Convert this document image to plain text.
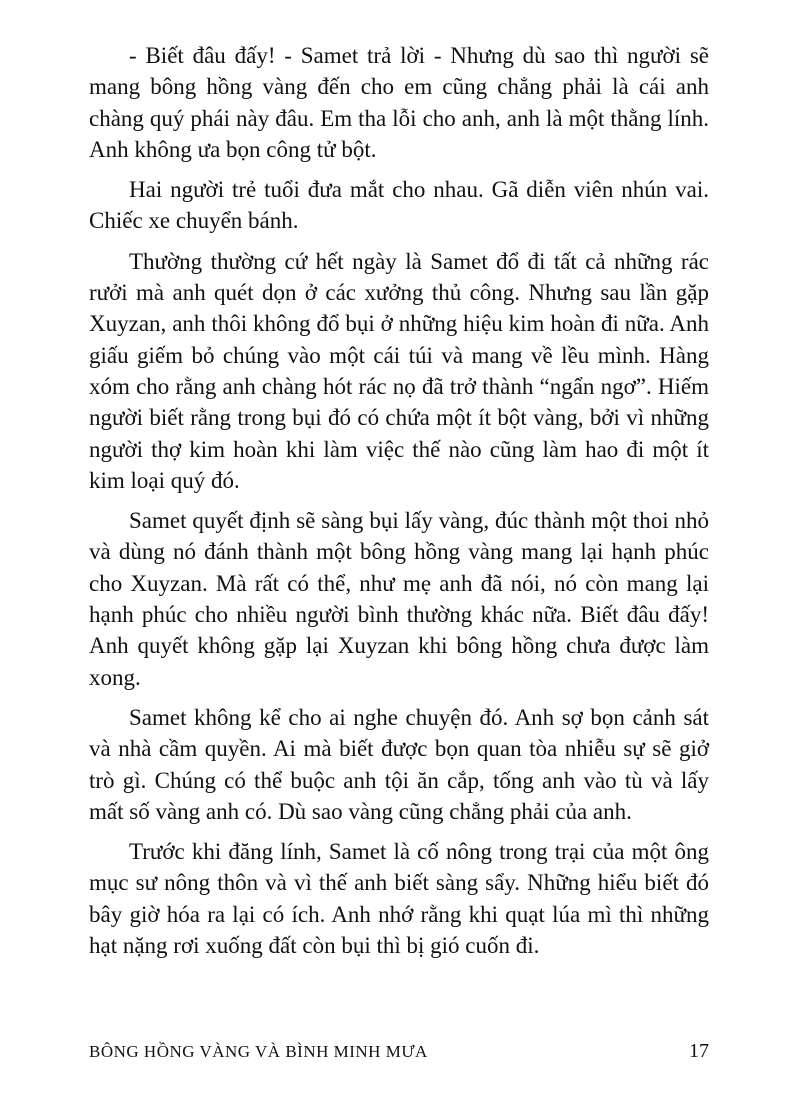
- Biết đâu đấy! - Samet trả lời - Nhưng dù sao thì người sẽ mang bông hồng vàng đến cho em cũng chẳng phải là cái anh chàng quý phái này đâu. Em tha lỗi cho anh, anh là một thằng lính. Anh không ưa bọn công tử bột.

Hai người trẻ tuổi đưa mắt cho nhau. Gã diễn viên nhún vai. Chiếc xe chuyển bánh.

Thường thường cứ hết ngày là Samet đổ đi tất cả những rác rưởi mà anh quét dọn ở các xưởng thủ công. Nhưng sau lần gặp Xuyzan, anh thôi không đổ bụi ở những hiệu kim hoàn đi nữa. Anh giấu giếm bỏ chúng vào một cái túi và mang về lều mình. Hàng xóm cho rằng anh chàng hót rác nọ đã trở thành “ngẩn ngơ”. Hiếm người biết rằng trong bụi đó có chứa một ít bột vàng, bởi vì những người thợ kim hoàn khi làm việc thế nào cũng làm hao đi một ít kim loại quý đó.

Samet quyết định sẽ sàng bụi lấy vàng, đúc thành một thoi nhỏ và dùng nó đánh thành một bông hồng vàng mang lại hạnh phúc cho Xuyzan. Mà rất có thể, như mẹ anh đã nói, nó còn mang lại hạnh phúc cho nhiều người bình thường khác nữa. Biết đâu đấy! Anh quyết không gặp lại Xuyzan khi bông hồng chưa được làm xong.

Samet không kể cho ai nghe chuyện đó. Anh sợ bọn cảnh sát và nhà cầm quyền. Ai mà biết được bọn quan tòa nhiễu sự sẽ giở trò gì. Chúng có thể buộc anh tội ăn cắp, tống anh vào tù và lấy mất số vàng anh có. Dù sao vàng cũng chẳng phải của anh.

Trước khi đăng lính, Samet là cố nông trong trại của một ông mục sư nông thôn và vì thế anh biết sàng sẩy. Những hiểu biết đó bây giờ hóa ra lại có ích. Anh nhớ rằng khi quạt lúa mì thì những hạt nặng rơi xuống đất còn bụi thì bị gió cuốn đi.

BÔNG HỒNG VÀNG VÀ BÌNH MINH MƯA	17
